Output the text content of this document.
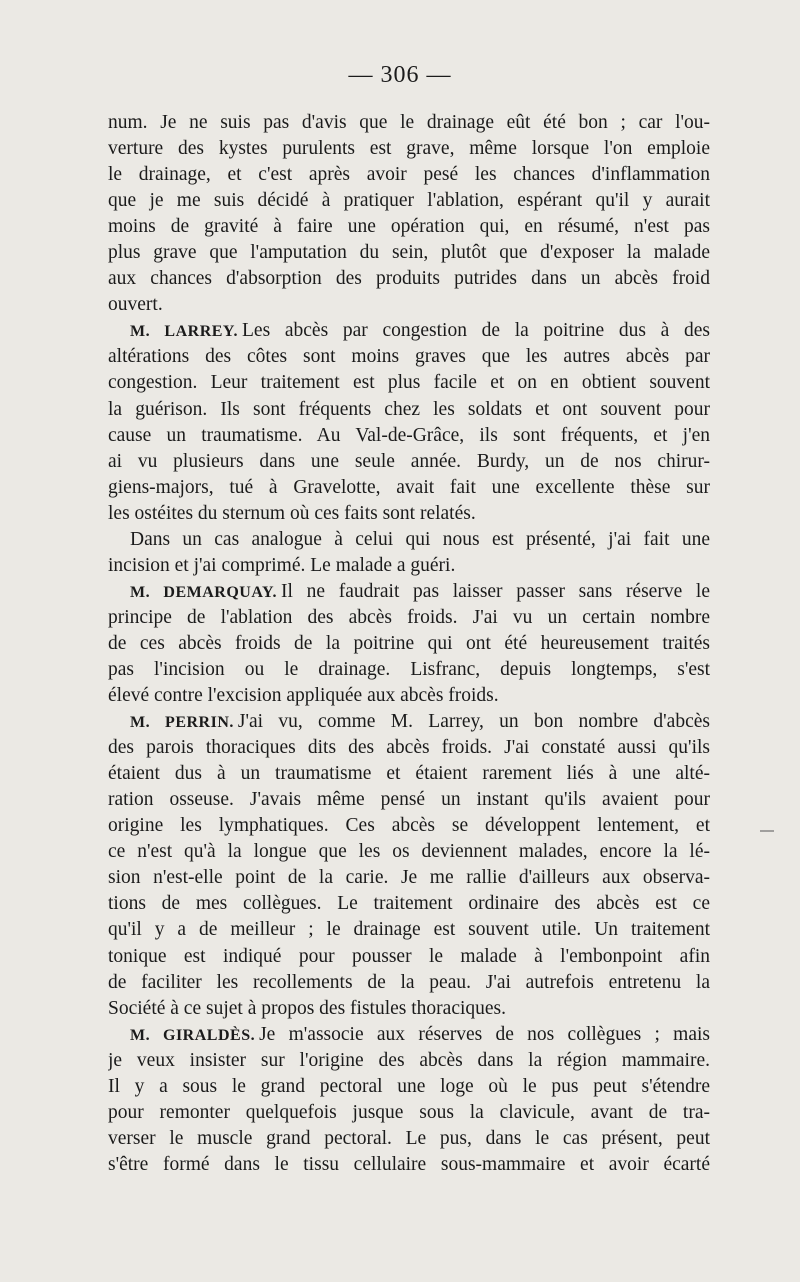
— 306 —
num. Je ne suis pas d'avis que le drainage eût été bon ; car l'ou-
verture des kystes purulents est grave, même lorsque l'on emploie
le drainage, et c'est après avoir pesé les chances d'inflammation
que je me suis décidé à pratiquer l'ablation, espérant qu'il y aurait
moins de gravité à faire une opération qui, en résumé, n'est pas
plus grave que l'amputation du sein, plutôt que d'exposer la malade
aux chances d'absorption des produits putrides dans un abcès froid
ouvert.
M. LARREY. Les abcès par congestion de la poitrine dus à des
altérations des côtes sont moins graves que les autres abcès par
congestion. Leur traitement est plus facile et on en obtient souvent
la guérison. Ils sont fréquents chez les soldats et ont souvent pour
cause un traumatisme. Au Val-de-Grâce, ils sont fréquents, et j'en
ai vu plusieurs dans une seule année. Burdy, un de nos chirur-
giens-majors, tué à Gravelotte, avait fait une excellente thèse sur
les ostéites du sternum où ces faits sont relatés.
Dans un cas analogue à celui qui nous est présenté, j'ai fait une
incision et j'ai comprimé. Le malade a guéri.
M. DEMARQUAY. Il ne faudrait pas laisser passer sans réserve le
principe de l'ablation des abcès froids. J'ai vu un certain nombre
de ces abcès froids de la poitrine qui ont été heureusement traités
pas l'incision ou le drainage. Lisfranc, depuis longtemps, s'est
élevé contre l'excision appliquée aux abcès froids.
M. PERRIN. J'ai vu, comme M. Larrey, un bon nombre d'abcès
des parois thoraciques dits des abcès froids. J'ai constaté aussi qu'ils
étaient dus à un traumatisme et étaient rarement liés à une alté-
ration osseuse. J'avais même pensé un instant qu'ils avaient pour
origine les lymphatiques. Ces abcès se développent lentement, et
ce n'est qu'à la longue que les os deviennent malades, encore la lé-
sion n'est-elle point de la carie. Je me rallie d'ailleurs aux observa-
tions de mes collègues. Le traitement ordinaire des abcès est ce
qu'il y a de meilleur ; le drainage est souvent utile. Un traitement
tonique est indiqué pour pousser le malade à l'embonpoint afin
de faciliter les recollements de la peau. J'ai autrefois entretenu la
Société à ce sujet à propos des fistules thoraciques.
M. GIRALDÈS. Je m'associe aux réserves de nos collègues ; mais
je veux insister sur l'origine des abcès dans la région mammaire.
Il y a sous le grand pectoral une loge où le pus peut s'étendre
pour remonter quelquefois jusque sous la clavicule, avant de tra-
verser le muscle grand pectoral. Le pus, dans le cas présent, peut
s'être formé dans le tissu cellulaire sous-mammaire et avoir écarté
